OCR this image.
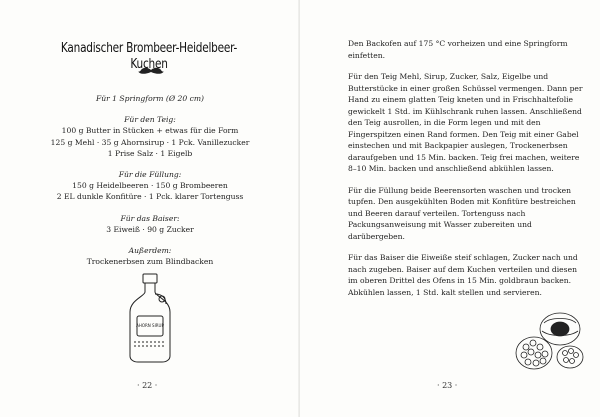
Kanadischer Brombeer-Heidelbeer-Kuchen
Für 1 Springform (Ø 20 cm)
Für den Teig:
100 g Butter in Stücken + etwas für die Form
125 g Mehl · 35 g Ahornsirup · 1 Pck. Vanillezucker
1 Prise Salz · 1 Eigelb
Für die Füllung:
150 g Heidelbeeren · 150 g Brombeeren
2 EL dunkle Konfitüre · 1 Pck. klarer Tortenguss
Für das Baiser:
3 Eiweiß · 90 g Zucker
Außerdem:
Trockenerbsen zum Blindbacken
AHORN SIRUP
· 22 ·

Den Backofen auf 175 °C vorheizen und eine Springform einfetten.

Für den Teig Mehl, Sirup, Zucker, Salz, Eigelbe und Butterstücke in einer großen Schüssel vermengen. Dann per Hand zu einem glatten Teig kneten und in Frischhaltefolie gewickelt 1 Std. im Kühlschrank ruhen lassen. Anschließend den Teig ausrollen, in die Form legen und mit den Fingerspitzen einen Rand formen. Den Teig mit einer Gabel einstechen und mit Backpapier auslegen, Trockenerbsen daraufgeben und 15 Min. backen. Teig frei machen, weitere 8–10 Min. backen und anschließend abkühlen lassen.

Für die Füllung beide Beerensorten waschen und trocken tupfen. Den ausgekühlten Boden mit Konfitüre bestreichen und Beeren darauf verteilen. Tortenguss nach Packungsanweisung mit Wasser zubereiten und darübergeben.

Für das Baiser die Eiweiße steif schlagen, Zucker nach und nach zugeben. Baiser auf dem Kuchen verteilen und diesen im oberen Drittel des Ofens in 15 Min. goldbraun backen. Abkühlen lassen, 1 Std. kalt stellen und servieren.

· 23 ·
